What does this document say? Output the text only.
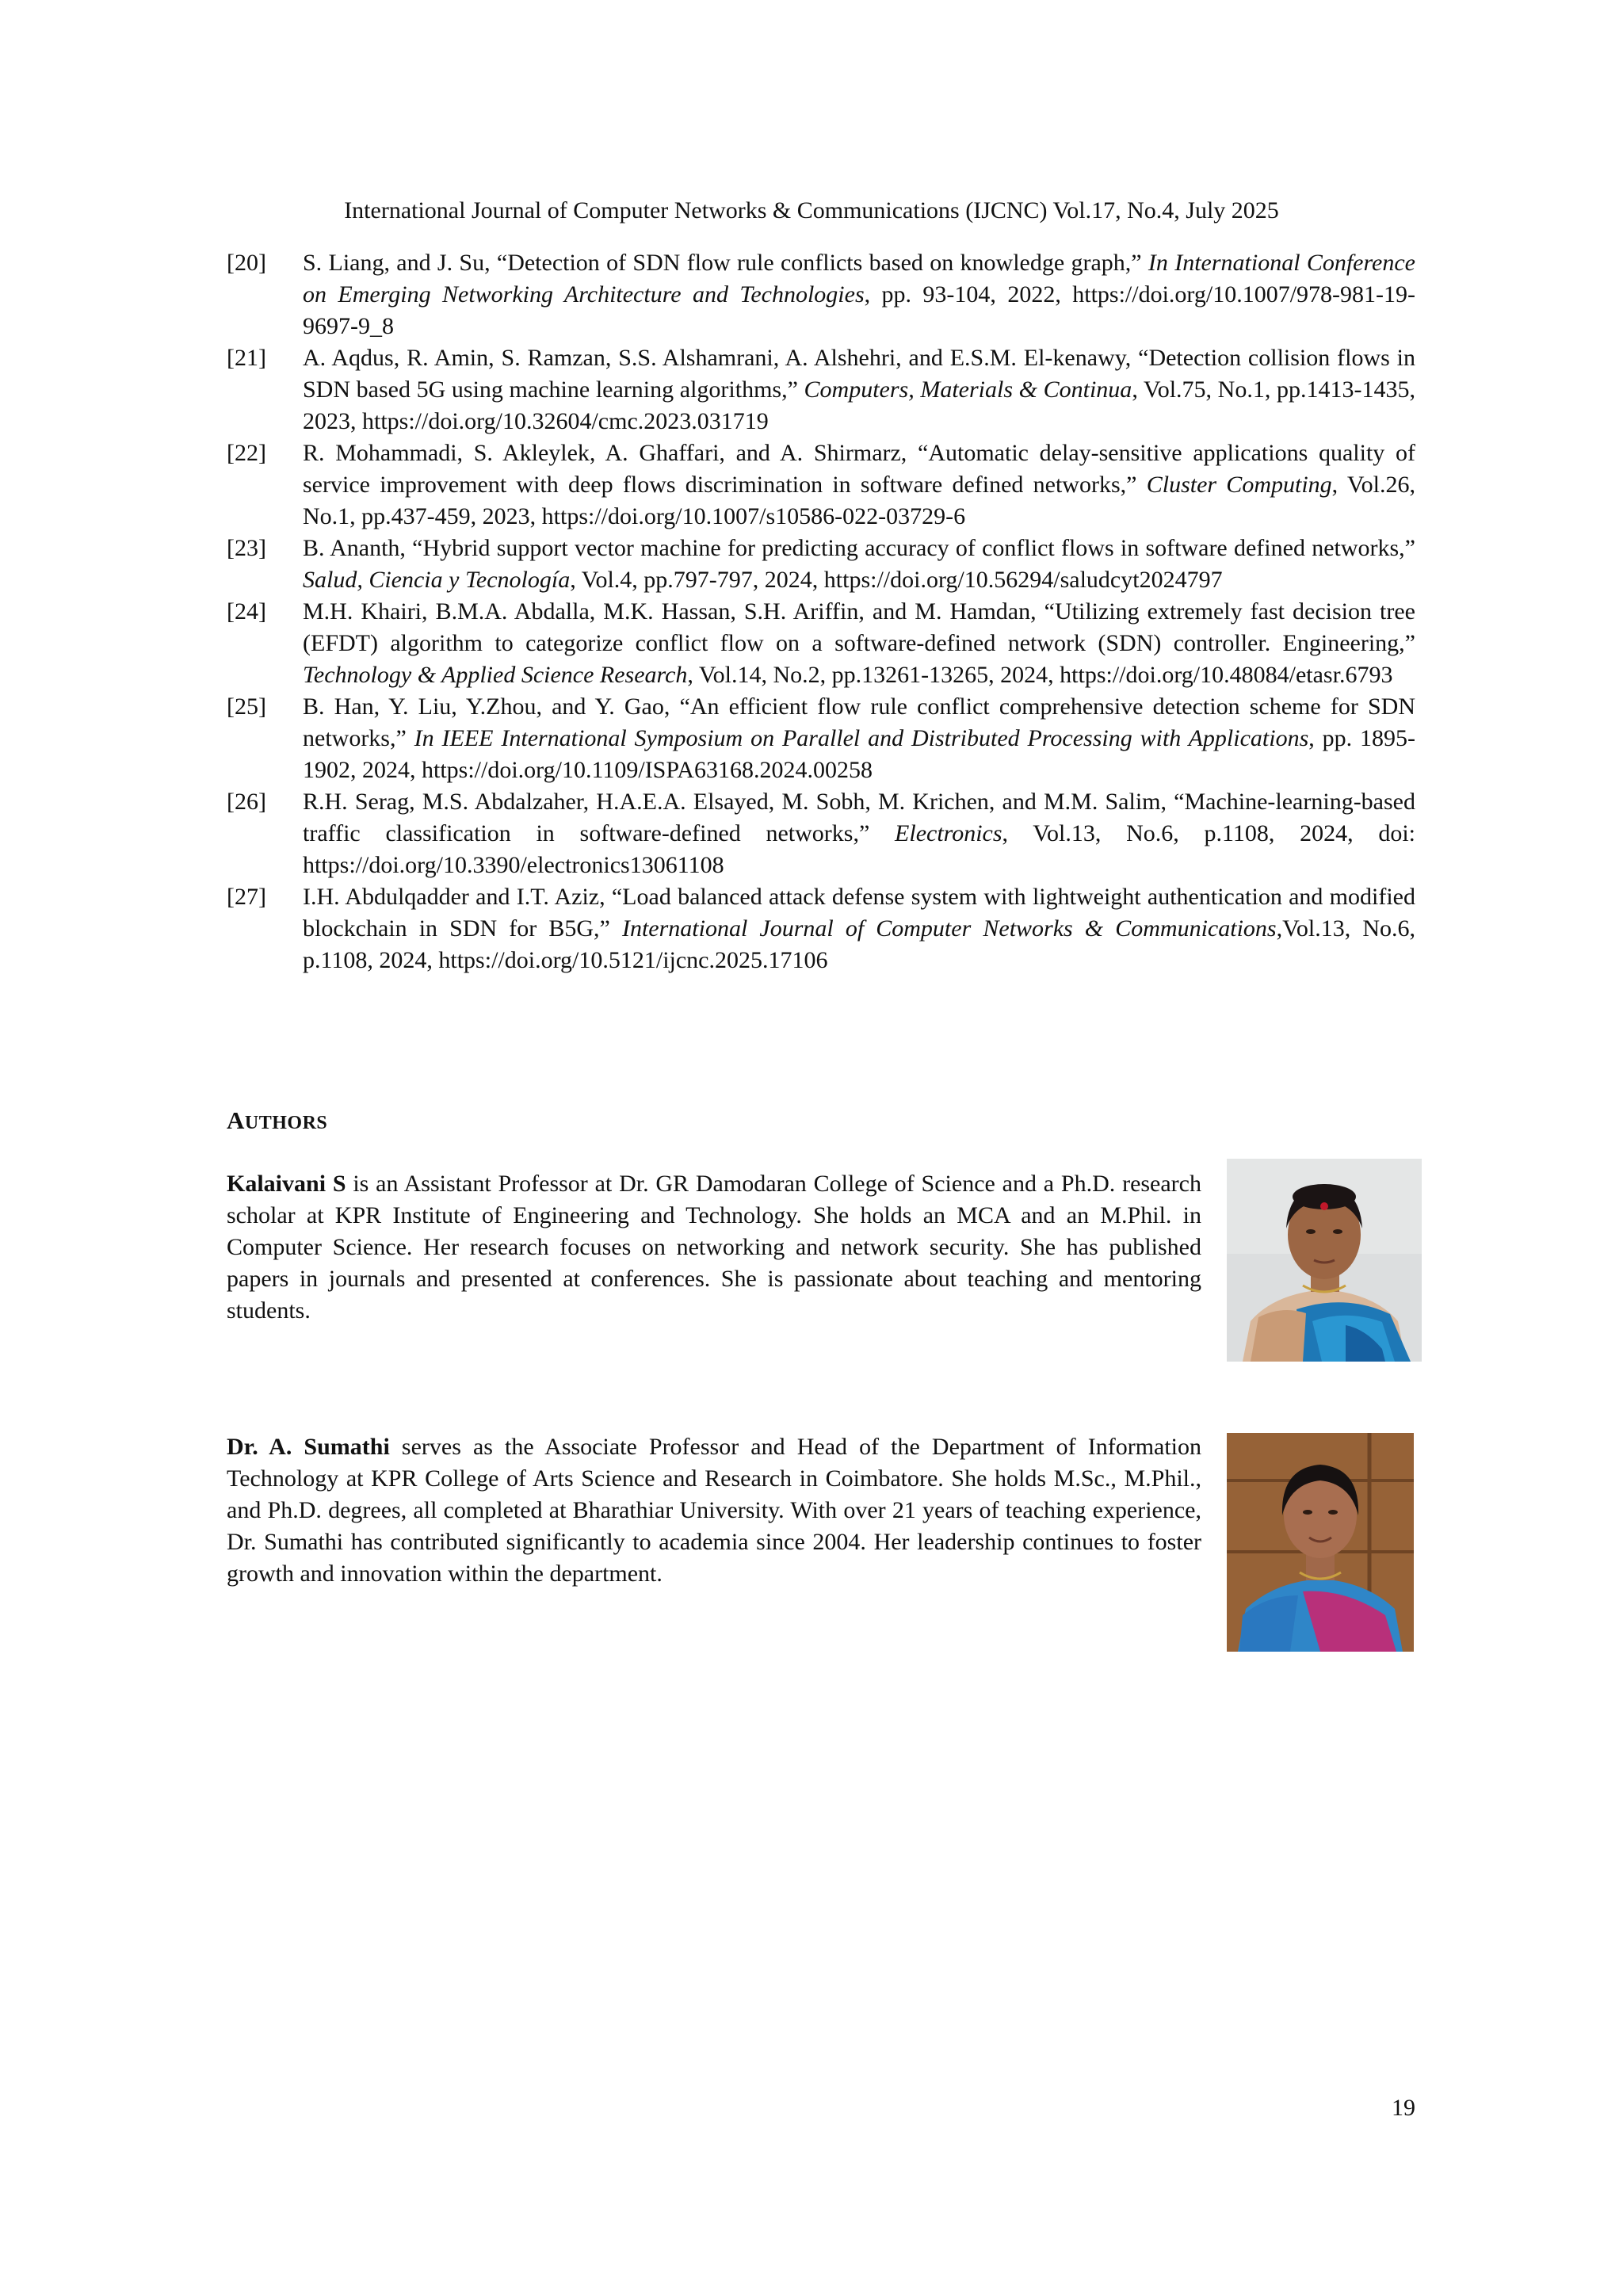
International Journal of Computer Networks & Communications (IJCNC) Vol.17, No.4, July 2025
[20] S. Liang, and J. Su, “Detection of SDN flow rule conflicts based on knowledge graph,” In International Conference on Emerging Networking Architecture and Technologies, pp. 93-104, 2022, https://doi.org/10.1007/978-981-19-9697-9_8
[21] A. Aqdus, R. Amin, S. Ramzan, S.S. Alshamrani, A. Alshehri, and E.S.M. El-kenawy, “Detection collision flows in SDN based 5G using machine learning algorithms,” Computers, Materials & Continua, Vol.75, No.1, pp.1413-1435, 2023, https://doi.org/10.32604/cmc.2023.031719
[22] R. Mohammadi, S. Akleylek, A. Ghaffari, and A. Shirmarz, “Automatic delay-sensitive applications quality of service improvement with deep flows discrimination in software defined networks,” Cluster Computing, Vol.26, No.1, pp.437-459, 2023, https://doi.org/10.1007/s10586-022-03729-6
[23] B. Ananth, “Hybrid support vector machine for predicting accuracy of conflict flows in software defined networks,” Salud, Ciencia y Tecnología, Vol.4, pp.797-797, 2024, https://doi.org/10.56294/saludcyt2024797
[24] M.H. Khairi, B.M.A. Abdalla, M.K. Hassan, S.H. Ariffin, and M. Hamdan, “Utilizing extremely fast decision tree (EFDT) algorithm to categorize conflict flow on a software-defined network (SDN) controller. Engineering,” Technology & Applied Science Research, Vol.14, No.2, pp.13261-13265, 2024, https://doi.org/10.48084/etasr.6793
[25] B. Han, Y. Liu, Y.Zhou, and Y. Gao, “An efficient flow rule conflict comprehensive detection scheme for SDN networks,” In IEEE International Symposium on Parallel and Distributed Processing with Applications, pp. 1895-1902, 2024, https://doi.org/10.1109/ISPA63168.2024.00258
[26] R.H. Serag, M.S. Abdalzaher, H.A.E.A. Elsayed, M. Sobh, M. Krichen, and M.M. Salim, “Machine-learning-based traffic classification in software-defined networks,” Electronics, Vol.13, No.6, p.1108, 2024, doi: https://doi.org/10.3390/electronics13061108
[27] I.H. Abdulqadder and I.T. Aziz, “Load balanced attack defense system with lightweight authentication and modified blockchain in SDN for B5G,” International Journal of Computer Networks & Communications,Vol.13, No.6, p.1108, 2024, https://doi.org/10.5121/ijcnc.2025.17106
AUTHORS
Kalaivani S is an Assistant Professor at Dr. GR Damodaran College of Science and a Ph.D. research scholar at KPR Institute of Engineering and Technology. She holds an MCA and an M.Phil. in Computer Science. Her research focuses on networking and network security. She has published papers in journals and presented at conferences. She is passionate about teaching and mentoring students.
Dr. A. Sumathi serves as the Associate Professor and Head of the Department of Information Technology at KPR College of Arts Science and Research in Coimbatore. She holds M.Sc., M.Phil., and Ph.D. degrees, all completed at Bharathiar University. With over 21 years of teaching experience, Dr. Sumathi has contributed significantly to academia since 2004. Her leadership continues to foster growth and innovation within the department.
19
